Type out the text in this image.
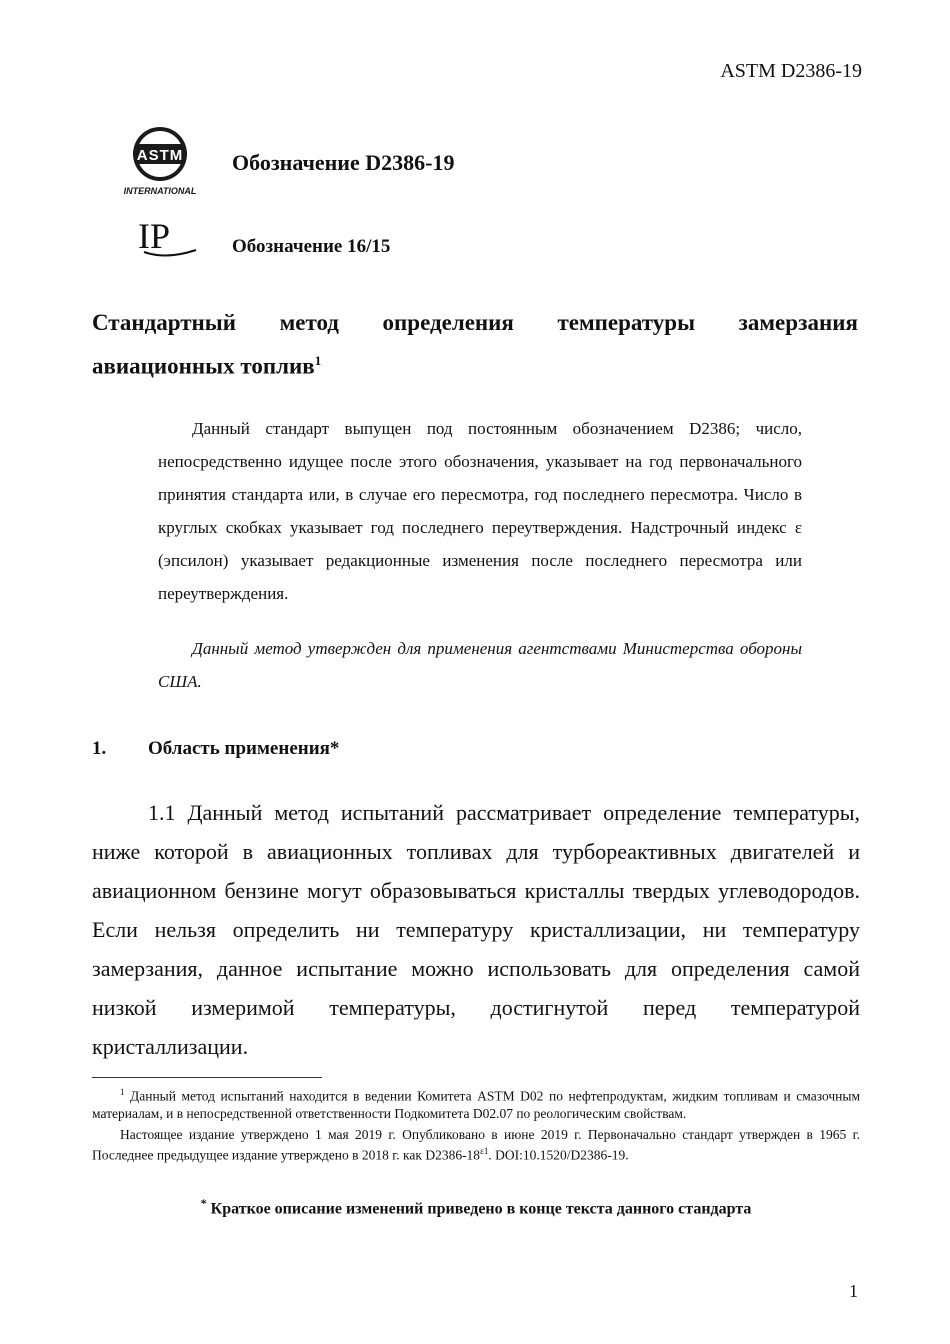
ASTM D2386-19
ASTM
INTERNATIONAL
Обозначение D2386-19
IP	Обозначение 16/15
Стандартный метод определения температуры замерзания
авиационных топлив$^1$

Данный стандарт выпущен под постоянным обозначением D2386; число, непосредственно идущее после этого обозначения, указывает на год первоначального принятия стандарта или, в случае его пересмотра, год последнего пересмотра. Число в круглых скобках указывает год последнего переутверждения. Надстрочный индекс ε (эпсилон) указывает редакционные изменения после последнего пересмотра или переутверждения.

Данный метод утвержден для применения агентствами Министерства обороны США.

1. Область применения*

1.1 Данный метод испытаний рассматривает определение температуры, ниже которой в авиационных топливах для турбореактивных двигателей и авиационном бензине могут образовываться кристаллы твердых углеводородов. Если нельзя определить ни температуру кристаллизации, ни температуру замерзания, данное испытание можно использовать для определения самой низкой измеримой температуры, достигнутой перед температурой кристаллизации.

$^1$ Данный метод испытаний находится в ведении Комитета ASTM D02 по нефтепродуктам, жидким топливам и смазочным материалам, и в непосредственной ответственности Подкомитета D02.07 по реологическим свойствам.

Настоящее издание утверждено 1 мая 2019 г. Опубликовано в июне 2019 г. Первоначально стандарт утвержден в 1965 г. Последнее предыдущее издание утверждено в 2018 г. как $D2386-18^{\varepsilon 1}$. DOI:10.1520/D2386-19.

* Краткое описание изменений приведено в конце текста данного стандарта
1
